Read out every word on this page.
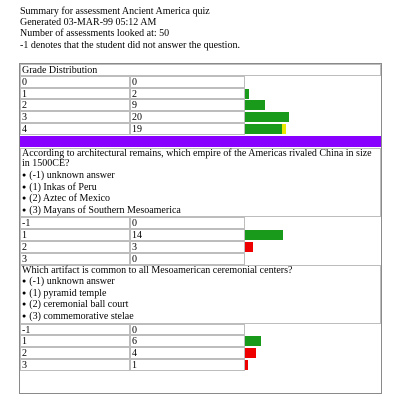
Summary for assessment Ancient America quiz
Generated 03-MAR-99 05:12 AM
Number of assessments looked at: 50
-1 denotes that the student did not answer the question.
Grade Distribution
0	0
1	2
2	9
3	20
4	19
According to architectural remains, which empire of the Americas rivaled China in size in 1500CE?
● (-1) unknown answer
● (1) Inkas of Peru
● (2) Aztec of Mexico
● (3) Mayans of Southern Mesoamerica
-1	0
1	14
2	3
3	0
Which artifact is common to all Mesoamerican ceremonial centers?
● (-1) unknown answer
● (1) pyramid temple
● (2) ceremonial ball court
● (3) commemorative stelae
-1	0
1	6
2	4
3	1
